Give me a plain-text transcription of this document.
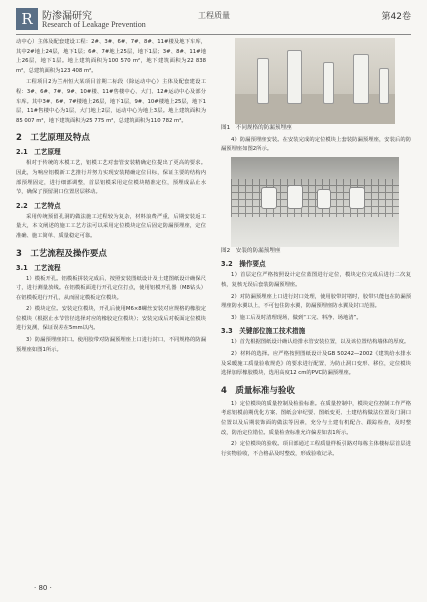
R 防渗漏研究
Research of Leakage Prevention
工程质量	第42卷

动中心）主体及配套建设工程：2#、3#、6#、7#、8#、11#楼及地下车库，其中2#地上24层，地下1层；6#、7#地上25层，地下1层；3#、8#、11#地上26层，地下1层。地上建筑面积为100 570 m²，地下建筑面积为22 838 m²，总建筑面积为123 408 m²。

工程项目2为兰州恒大某项目首期二标段（除运动中心）主体及配套建设工程：3#、6#、7#、9#、10#楼、11#售楼中心、大门、12#运动中心及部分车库。其中3#、6#、7#楼地上26层，地下1层，9#、10#楼地上25层，地下1层，11#售楼中心为1层，大门地上2层，运动中心为地上3层。地上建筑面积为85 007 m²，地下建筑面积为25 775 m²，总建筑面积为110 782 m²。

2　工艺原理及特点
2.1　工艺原理

相对于传统的木模工艺，铝模工艺对套管安装精确定位提出了更高的要求。因此，为响应铝模新工艺推行并努力实现安装精确定位目标，保证主要的结构内部预埋固定，进行细部调整，首层铝模采用定位模块精准定位，预埋成品止水节，确保了预留洞口位置居层移动。

2.2　工艺特点

采用传统预留孔洞的做法施工过程较为复杂，材料浪费严重，后期安装返工量大，本文阐述的施工工艺方法可以采用定位模块定位后固定防漏预埋座，定位准确、施工简单、质量稳定可靠。

3　工艺流程及操作要点
3.1　工艺流程

1）模板开孔。铝模板拼装完成后，按照安装图纸设计及土建图纸设计确保尺寸，进行测量放线。在铝模板面进行开孔定位打点，使用铝模开孔器（M8钻头）在铝模板进行开孔，从而固定模板定位模块。

2）模块定位。安装定位模块，开孔后使用M6×8螺丝安装对应规格的橡胶定位模块（根据止水节管径选择对应的橡胶定位模块）；安装完成后对板面定位模块进行复测，保证误差在5mm以内。

3）防漏预埋座封口。使用胶带对防漏预埋座上口进行封口，不同规格的防漏预埋座如图1所示。

图1　不同规格的防漏预埋座

4）防漏预埋座安装。在安装完成的定位模块上套装防漏预埋座，安装后的防漏预埋座如图2所示。

图2　安装的防漏预埋座

3.2　操作要点

1）首层定位严格按照设计定位蓝图进行定位，模块定位完成后进行二次复核，复核无误后套装防漏预埋座。

2）对防漏预埋座上口进行封口处理，使用胶带封堵时，胶带只能包在防漏预埋座防水翼以上，不可包住防水翼，防漏预埋座防水翼及封口范围。

3）施工后及时清理现场，做到“工完、料净、场地清”。

3.3　关键部位施工技术措施

1）首先根据图纸设计确认给排水管安装位置，以及该位置结构墙体的厚度。

2）材料的选择。应严格按照图纸设计及GB 50242—2002《建筑给水排水及采暖施工质量验收规范》的要求进行配置，为防止洞口变形、移位，定位模块选择加厚橡胶模块，选用高度12 cm的PVC防漏预埋座。

4　质量标准与验收

1）定位模块的质量控制及检验标准。在质量控制中，模块定位控制工作严格考虑铝模前期优化方案、图纸会审纪要、图纸变更、土建结构做法位置及门洞口位置以及后期装饰面的做法等因素，充分与土建有机配合、跟踪检查，及时整改，防治定位错位。质量检查标准允许偏差如表1所示。

2）定位模块的验收。项目部通过工程质量样板引路对每栋主体楼标层首层进行实物验收，不合格品及时整改，形成验收记录。

· 80 ·
